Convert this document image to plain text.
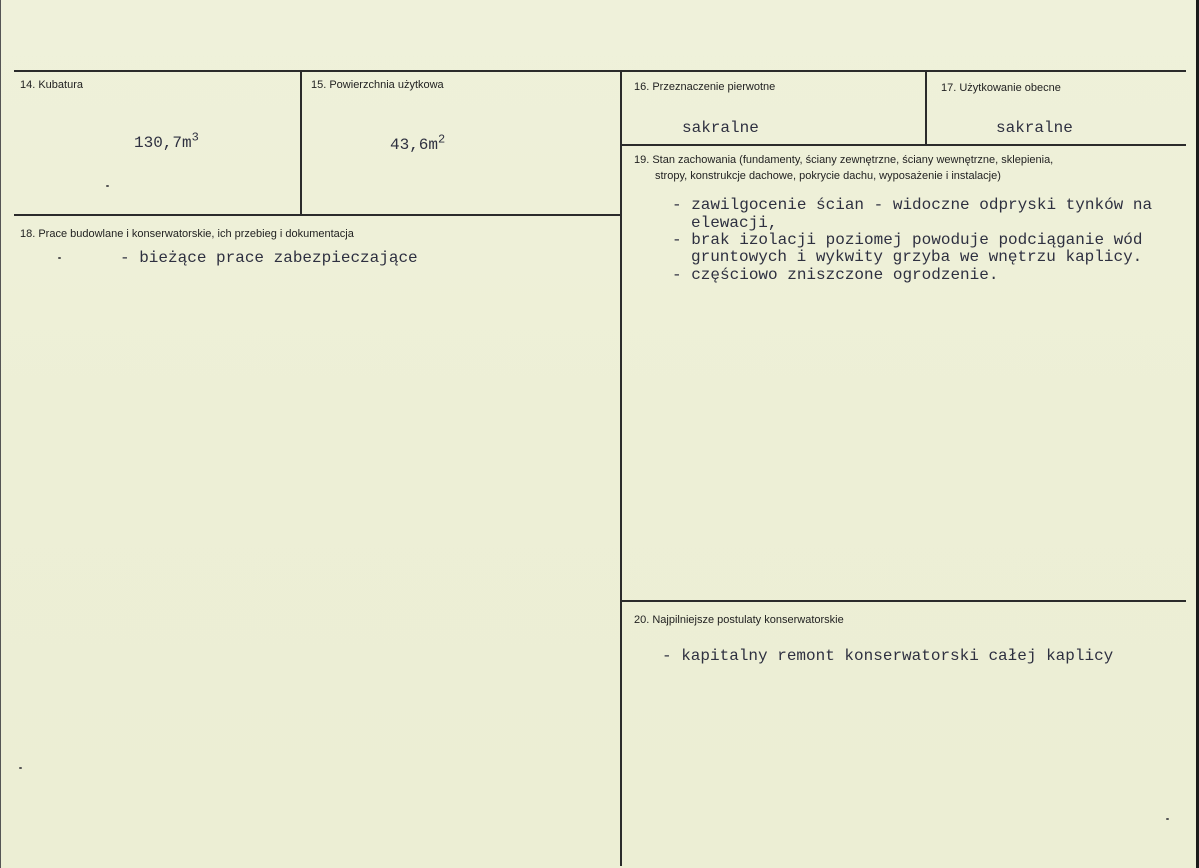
14. Kubatura
$130,7m^3$
15. Powierzchnia użytkowa
$43,6m^2$
16. Przeznaczenie pierwotne
sakralne
17. Użytkowanie obecne
sakralne
18. Prace budowlane i konserwatorskie, ich przebieg i dokumentacja
- bieżące prace zabezpieczające
19. Stan zachowania (fundamenty, ściany zewnętrzne, ściany wewnętrzne, sklepienia,
stropy, konstrukcje dachowe, pokrycie dachu, wyposażenie i instalacje)
- zawilgocenie ścian - widoczne odpryski tynków na
elewacji,
- brak izolacji poziomej powoduje podciąganie wód
gruntowych i wykwity grzyba we wnętrzu kaplicy.
- częściowo zniszczone ogrodzenie.
20. Najpilniejsze postulaty konserwatorskie
- kapitalny remont konserwatorski całej kaplicy
